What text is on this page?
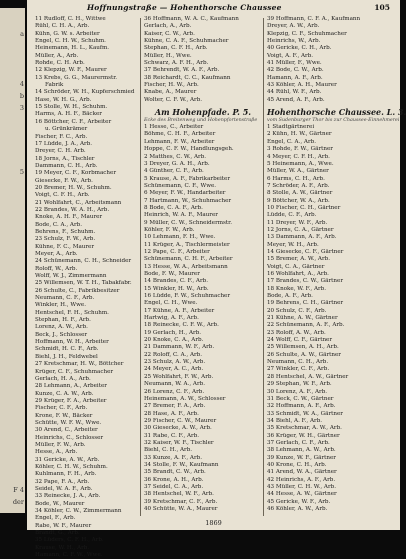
a
4
b
3
5
F 4
der
Hoffnungstraße — Hohenthorsche Chaussee	105
11 Rudloff, C. H., Wittwe
Rühl, C. H. A., Arb.
Kühn, G. W. s. Arbeiter
Engel, C. H. W., Schuhm.
Heinemann, H. L., Kaufm.
Müller, A., Arb.
Rohde, C. H. Arb.
12 Klepzig, W. F., Maurer
13 Krebs, G. G., Maurermstr.
Fabrik
14 Schröder, W. H., Kupferschmied
Hase, W. H. G., Arb.
15 Stolle, W. H., Schuhm.
Harms, A. H. F., Bäcker
16 Böttcher, C. F., Arbeiter
u. Grünkrämer
Fischer, F. C., Arb.
17 Lüdde, J. A., Arb.
Dreyer, C. H. Arb.
18 Jorns, A., Tischler
Dammann, C. H., Arb.
19 Meyer, C. F., Korbmacher
Giesecke, F. W., Arb.
20 Bremer, H. W., Schuhm.
Voigt, C. F. H., Arb.
21 Wohlfahrt, C., Arbeitsmann
22 Brandes, W. A. H., Arb.
Knoke, A. H. F., Maurer
Bode, C. A., Arb.
Behrens, F., Schuhm.
23 Schulz, F. W., Arb.
Kühne, F. C., Maurer
Meyer, A., Arb.
24 Schünemann, C. H., Schneider
Roloff, W., Arb.
Wolff, W. J., Zimmermann
25 Willemsen, W. T. H., Tabakfabr.
26 Schulte, C., Fabrikbesitzer
Neumann, C. F., Arb.
Winkler, H., Wwe.
Hentschel, F. H., Schuhm.
Stephan, H. F., Arb.
Lorenz, A. W., Arb.
Beck, J., Schlosser
Hoffmann, W. H., Arbeiter
Schmidt, H. C. F., Arb.
Biehl, J. H., Feldwebel
27 Kretschmar, H. W., Böttcher
Krüger, C. F., Schuhmacher
Gerlach, H. A., Arb.
28 Lehmann, A., Arbeiter
Kunze, C. A. W., Arb.
29 Krüger, F. A., Arbeiter
Fischer, C. F., Arb.
Krone, F. W., Bäcker
Schütte, W. F. W., Wwe.
30 Arend, C., Arbeiter
Heinrichs, C., Schlosser
Müller, F. W., Arb.
Hesse, A., Arb.
31 Gericke, A. W., Arb.
Köhler, C. H. W., Schuhm.
Kuhlmann, F. H., Arb.
32 Pape, F. A., Arb.
Seidel, W. A. F., Arb.
33 Reinecke, J. A., Arb.
Bode, W., Maurer
34 Köhler, C. W., Zimmermann
Engel, F., Arb.
Rabe, W. F., Maurer
Brandt, G., Arb.
35 Lüders, C. F. H., Arb.
Krause, W. H., Arb.
Hamann, C. F. W., Wwe.
36 Hoffmann, W. A. C., Kaufmann
Gerlach, A., Arb.
Kaiser, C. W., Arb.
Kühne, C. A. F., Schuhmacher
Stephan, C. F. H., Arb.
Müller, H., Wwe.
Schwarz, A. F. H., Arb.
37 Behrendt, W. A. F., Arb.
38 Reichardt, C. C., Kaufmann
Fischer, H. W., Arb.
Knabe, A., Maurer
Wolter, C. F. W., Arb.
Am Hohenpfade. P. 5.
Ecke des Breitenweg und Hohenpfortenstraße
1 Hesse, C., Arbeiter
Böhme, C. H. F., Arbeiter
Lehmann, F. W., Arbeiter
Hoppe, C. F. W., Handlungsgeh.
2 Matthes, C. W., Arb.
3 Dreyer, G. A. H., Arb.
4 Günther, C. F., Arb.
5 Krause, A. F., Fabrikarbeiter
Schünemann, C. F., Wwe.
6 Meyer, F. W., Handarbeiter
7 Hartmann, W., Schuhmacher
8 Bode, C. A. F., Arb.
Heinrich, W. A. F., Maurer
9 Müller, C. W., Schneidermstr.
Köhler, F. W., Arb.
10 Lehmann, F. H., Wwe.
11 Krüger, A., Tischlermeister
12 Pape, C. F., Arbeiter
Schünemann, C. H. F., Arbeiter
13 Hesse, W. A., Arbeitsmann
Bode, F. W., Maurer
14 Brandes, C. F., Arb.
15 Winkler, H. W., Arb.
16 Lüdde, F. W., Schuhmacher
Engel, C. H., Wwe.
17 Kühne, A. F., Arbeiter
Hartwig, A. F., Arb.
18 Reinecke, C. F. W., Arb.
19 Gerlach, H., Arb.
20 Knoke, C. A., Arb.
21 Dammann, W. F., Arb.
22 Roloff, C. A., Arb.
23 Schulz, A. W., Arb.
24 Meyer, A. C., Arb.
25 Wohlfahrt, F. W., Arb.
Neumann, W. A., Arb.
26 Lorenz, C. F., Arb.
Heinemann, A. W., Schlosser
27 Bremer, F. A., Arb.
28 Hase, A. F., Arb.
29 Fischer, C. W., Maurer
30 Giesecke, A. W., Arb.
31 Rabe, C. F., Arb.
32 Kaiser, W. F., Tischler
Biehl, C. H., Arb.
33 Kunze, A. F., Arb.
34 Stolle, F. W., Kaufmann
35 Brandt, C. W., Arb.
36 Krone, A. H., Arb.
37 Seidel, C. A., Arb.
38 Hentschel, W. F., Arb.
39 Kretschmar, C. F., Arb.
40 Schütte, W. A., Maurer
39 Hoffmann, C. F. A., Kaufmann
Dreyer, A. W., Arb.
Klepzig, C. F., Schuhmacher
Heinrichs, W., Arb.
40 Gericke, C. H., Arb.
Voigt, A. F., Arb.
41 Müller, F., Wwe.
42 Bode, C. W., Arb.
Hamann, A. F., Arb.
43 Köhler, A. H., Maurer
44 Rühl, W. F., Arb.
45 Arend, A. F., Arb.
Hohenthorsche Chaussee. L. 3.
vom Sudenburger Thor bis zur Chaussee-Einnehmerei
1 Stadtgärtnerei
2 Kühn, H. W., Gärtner
Engel, C. A., Arb.
3 Rohde, F. W., Gärtner
4 Meyer, C. F. H., Arb.
5 Heinemann, A., Wwe.
Müller, W. A., Gärtner
6 Harms, C. H., Arb.
7 Schröder, A. F., Arb.
8 Stolle, A. W., Gärtner
9 Böttcher, W. A., Arb.
10 Fischer, C. H., Gärtner
Lüdde, C. F., Arb.
11 Dreyer, W. F., Arb.
12 Jorns, C. A., Gärtner
13 Dammann, A. F., Arb.
Meyer, W. H., Arb.
14 Giesecke, C. F., Gärtner
15 Bremer, A. W., Arb.
Voigt, C. A., Gärtner
16 Wohlfahrt, A., Arb.
17 Brandes, C. W., Gärtner
18 Knoke, W. F., Arb.
Bode, A. F., Arb.
19 Behrens, C. H., Gärtner
20 Schulz, C. F., Arb.
21 Kühne, A. W., Gärtner
22 Schünemann, A. F., Arb.
23 Roloff, A. W., Arb.
24 Wolff, C. F., Gärtner
25 Willemsen, A. H., Arb.
26 Schulte, A. W., Gärtner
Neumann, C. H., Arb.
27 Winkler, C. F., Arb.
28 Hentschel, A. W., Gärtner
29 Stephan, W. F., Arb.
30 Lorenz, A. F., Arb.
31 Beck, C. W., Gärtner
32 Hoffmann, A. F., Arb.
33 Schmidt, W. A., Gärtner
34 Biehl, A. F., Arb.
35 Kretschmar, A. W., Arb.
36 Krüger, W. H., Gärtner
37 Gerlach, C. F., Arb.
38 Lehmann, A. W., Arb.
39 Kunze, W. F., Gärtner
40 Krone, C. H., Arb.
41 Arend, W. A., Gärtner
42 Heinrichs, A. F., Arb.
43 Müller, C. H. W., Arb.
44 Hesse, A. W., Gärtner
45 Gericke, W. F., Arb.
46 Köhler, A. W., Arb.
1869
